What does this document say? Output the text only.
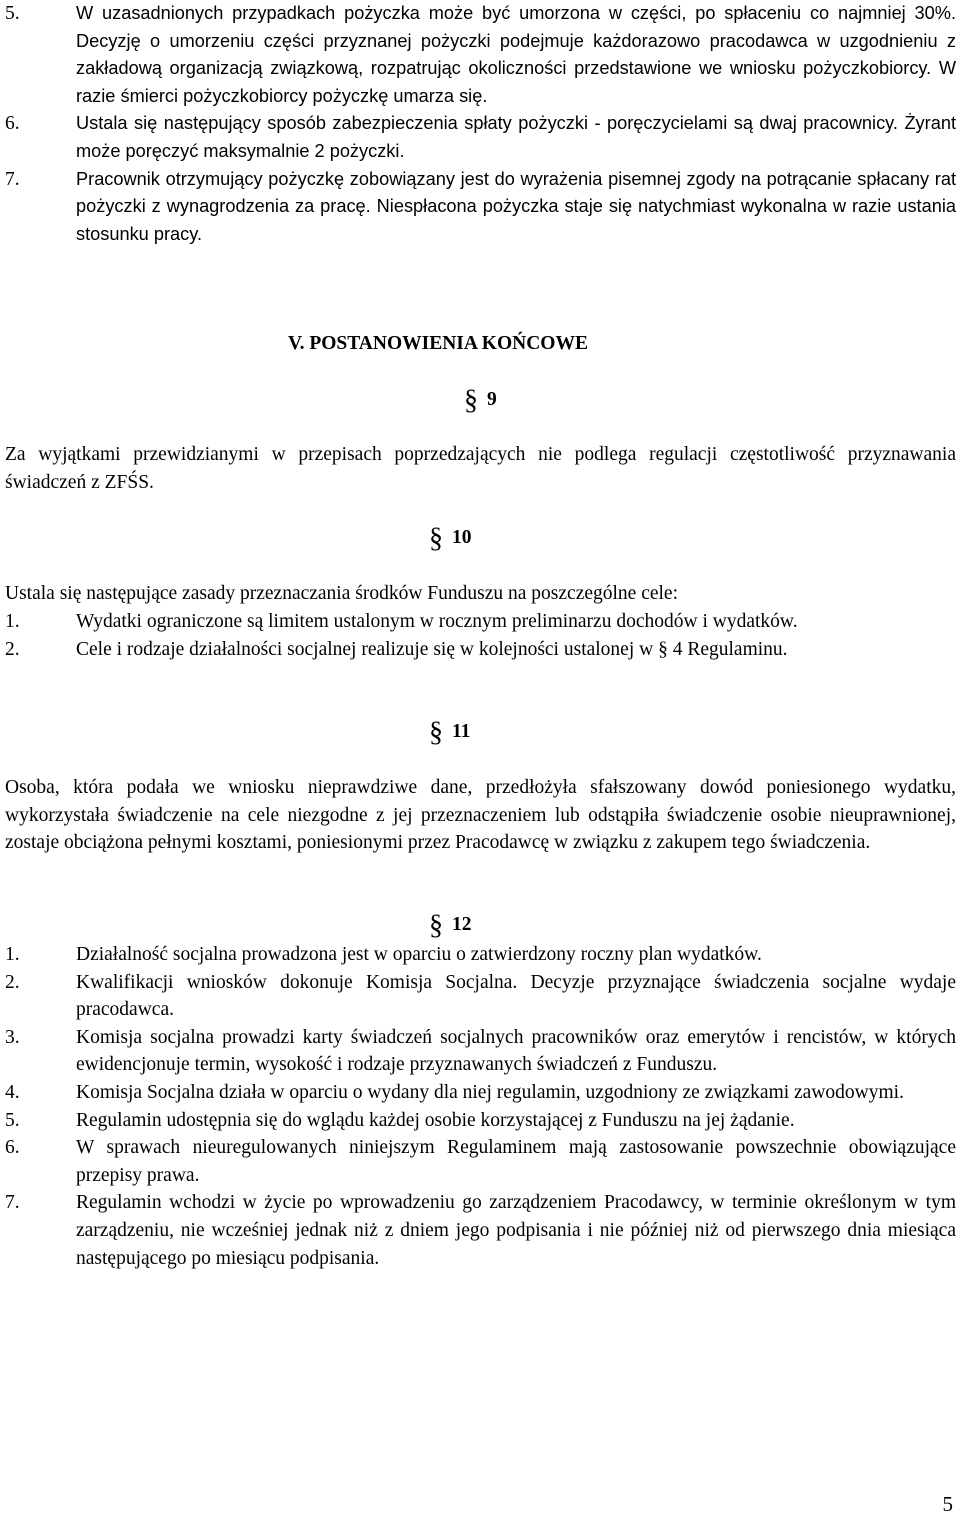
5.	W uzasadnionych przypadkach pożyczka może być umorzona w części, po spłaceniu co najmniej 30%. Decyzję o umorzeniu części przyznanej pożyczki podejmuje każdorazowo pracodawca w uzgodnieniu z zakładową organizacją związkową, rozpatrując okoliczności przedstawione we wniosku pożyczkobiorcy. W razie śmierci pożyczkobiorcy pożyczkę umarza się.
6.	Ustala się następujący sposób zabezpieczenia spłaty pożyczki - poręczycielami są dwaj pracownicy. Żyrant może poręczyć maksymalnie 2 pożyczki.
7.	Pracownik otrzymujący pożyczkę zobowiązany jest do wyrażenia pisemnej zgody na potrącanie spłacany rat pożyczki z wynagrodzenia za pracę. Niespłacona pożyczka staje się natychmiast wykonalna w razie ustania stosunku pracy.
V. POSTANOWIENIA KOŃCOWE
§ 9

Za wyjątkami przewidzianymi w przepisach poprzedzających nie podlega regulacji częstotliwość przyznawania świadczeń z ZFŚS.

§ 10

Ustala się następujące zasady przeznaczania środków Funduszu na poszczególne cele:

1.	Wydatki ograniczone są limitem ustalonym w rocznym preliminarzu dochodów i wydatków.
2.	Cele i rodzaje działalności socjalnej realizuje się w kolejności ustalonej w § 4 Regulaminu.
§ 11

Osoba, która podała we wniosku nieprawdziwe dane, przedłożyła sfałszowany dowód poniesionego wydatku, wykorzystała świadczenie na cele niezgodne z jej przeznaczeniem lub odstąpiła świadczenie osobie nieuprawnionej, zostaje obciążona pełnymi kosztami, poniesionymi przez Pracodawcę w związku z zakupem tego świadczenia.

§ 12
1.	Działalność socjalna prowadzona jest w oparciu o zatwierdzony roczny plan wydatków.
2.	Kwalifikacji wniosków dokonuje Komisja Socjalna. Decyzje przyznające świadczenia socjalne wydaje pracodawca.
3.	Komisja socjalna prowadzi karty świadczeń socjalnych pracowników oraz emerytów i rencistów, w których ewidencjonuje termin, wysokość i rodzaje przyznawanych świadczeń z Funduszu.
4.	Komisja Socjalna działa w oparciu o wydany dla niej regulamin, uzgodniony ze związkami zawodowymi.
5.	Regulamin udostępnia się do wglądu każdej osobie korzystającej z Funduszu na jej żądanie.
6.	W sprawach nieuregulowanych niniejszym Regulaminem mają zastosowanie powszechnie obowiązujące przepisy prawa.
7.	Regulamin wchodzi w życie po wprowadzeniu go zarządzeniem Pracodawcy, w terminie określonym w tym zarządzeniu, nie wcześniej jednak niż z dniem jego podpisania i nie później niż od pierwszego dnia miesiąca następującego po miesiącu podpisania.
5
